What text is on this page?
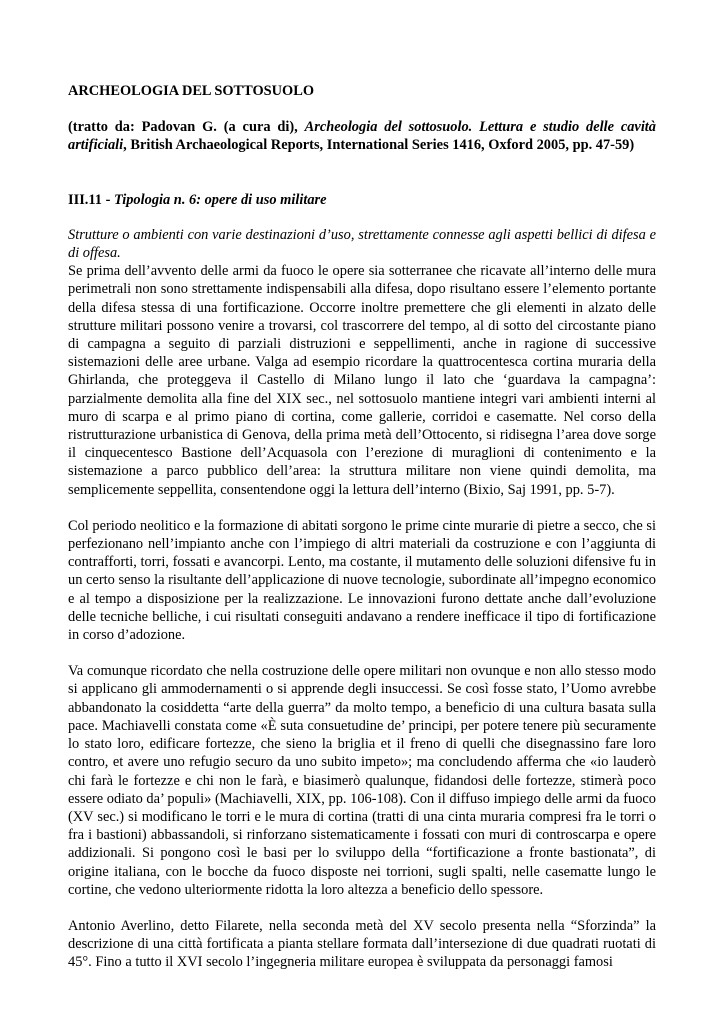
ARCHEOLOGIA DEL SOTTOSUOLO

(tratto da: Padovan G. (a cura di), Archeologia del sottosuolo. Lettura e studio delle cavità artificiali, British Archaeological Reports, International Series 1416, Oxford 2005, pp. 47-59)

III.11 - Tipologia n. 6: opere di uso militare

Strutture o ambienti con varie destinazioni d’uso, strettamente connesse agli aspetti bellici di difesa e di offesa.

Se prima dell’avvento delle armi da fuoco le opere sia sotterranee che ricavate all’interno delle mura perimetrali non sono strettamente indispensabili alla difesa, dopo risultano essere l’elemento portante della difesa stessa di una fortificazione. Occorre inoltre premettere che gli elementi in alzato delle strutture militari possono venire a trovarsi, col trascorrere del tempo, al di sotto del circostante piano di campagna a seguito di parziali distruzioni e seppellimenti, anche in ragione di successive sistemazioni delle aree urbane. Valga ad esempio ricordare la quattrocentesca cortina muraria della Ghirlanda, che proteggeva il Castello di Milano lungo il lato che ‘guardava la campagna’: parzialmente demolita alla fine del XIX sec., nel sottosuolo mantiene integri vari ambienti interni al muro di scarpa e al primo piano di cortina, come gallerie, corridoi e casematte. Nel corso della ristrutturazione urbanistica di Genova, della prima metà dell’Ottocento, si ridisegna l’area dove sorge il cinquecentesco Bastione dell’Acquasola con l’erezione di muraglioni di contenimento e la sistemazione a parco pubblico dell’area: la struttura militare non viene quindi demolita, ma semplicemente seppellita, consentendone oggi la lettura dell’interno (Bixio, Saj 1991, pp. 5-7).

Col periodo neolitico e la formazione di abitati sorgono le prime cinte murarie di pietre a secco, che si perfezionano nell’impianto anche con l’impiego di altri materiali da costruzione e con l’aggiunta di contrafforti, torri, fossati e avancorpi. Lento, ma costante, il mutamento delle soluzioni difensive fu in un certo senso la risultante dell’applicazione di nuove tecnologie, subordinate all’impegno economico e al tempo a disposizione per la realizzazione. Le innovazioni furono dettate anche dall’evoluzione delle tecniche belliche, i cui risultati conseguiti andavano a rendere inefficace il tipo di fortificazione in corso d’adozione.

Va comunque ricordato che nella costruzione delle opere militari non ovunque e non allo stesso modo si applicano gli ammodernamenti o si apprende degli insuccessi. Se così fosse stato, l’Uomo avrebbe abbandonato la cosiddetta “arte della guerra” da molto tempo, a beneficio di una cultura basata sulla pace. Machiavelli constata come «È suta consuetudine de’ principi, per potere tenere più securamente lo stato loro, edificare fortezze, che sieno la briglia et il freno di quelli che disegnassino fare loro contro, et avere uno refugio securo da uno subito impeto»; ma concludendo afferma che «io lauderò chi farà le fortezze e chi non le farà, e biasimerò qualunque, fidandosi delle fortezze, stimerà poco essere odiato da’ populi» (Machiavelli, XIX, pp. 106-108). Con il diffuso impiego delle armi da fuoco (XV sec.) si modificano le torri e le mura di cortina (tratti di una cinta muraria compresi fra le torri o fra i bastioni) abbassandoli, si rinforzano sistematicamente i fossati con muri di controscarpa e opere addizionali. Si pongono così le basi per lo sviluppo della “fortificazione a fronte bastionata”, di origine italiana, con le bocche da fuoco disposte nei torrioni, sugli spalti, nelle casematte lungo le cortine, che vedono ulteriormente ridotta la loro altezza a beneficio dello spessore.

Antonio Averlino, detto Filarete, nella seconda metà del XV secolo presenta nella “Sforzinda” la descrizione di una città fortificata a pianta stellare formata dall’intersezione di due quadrati ruotati di 45°. Fino a tutto il XVI secolo l’ingegneria militare europea è sviluppata da personaggi famosi
